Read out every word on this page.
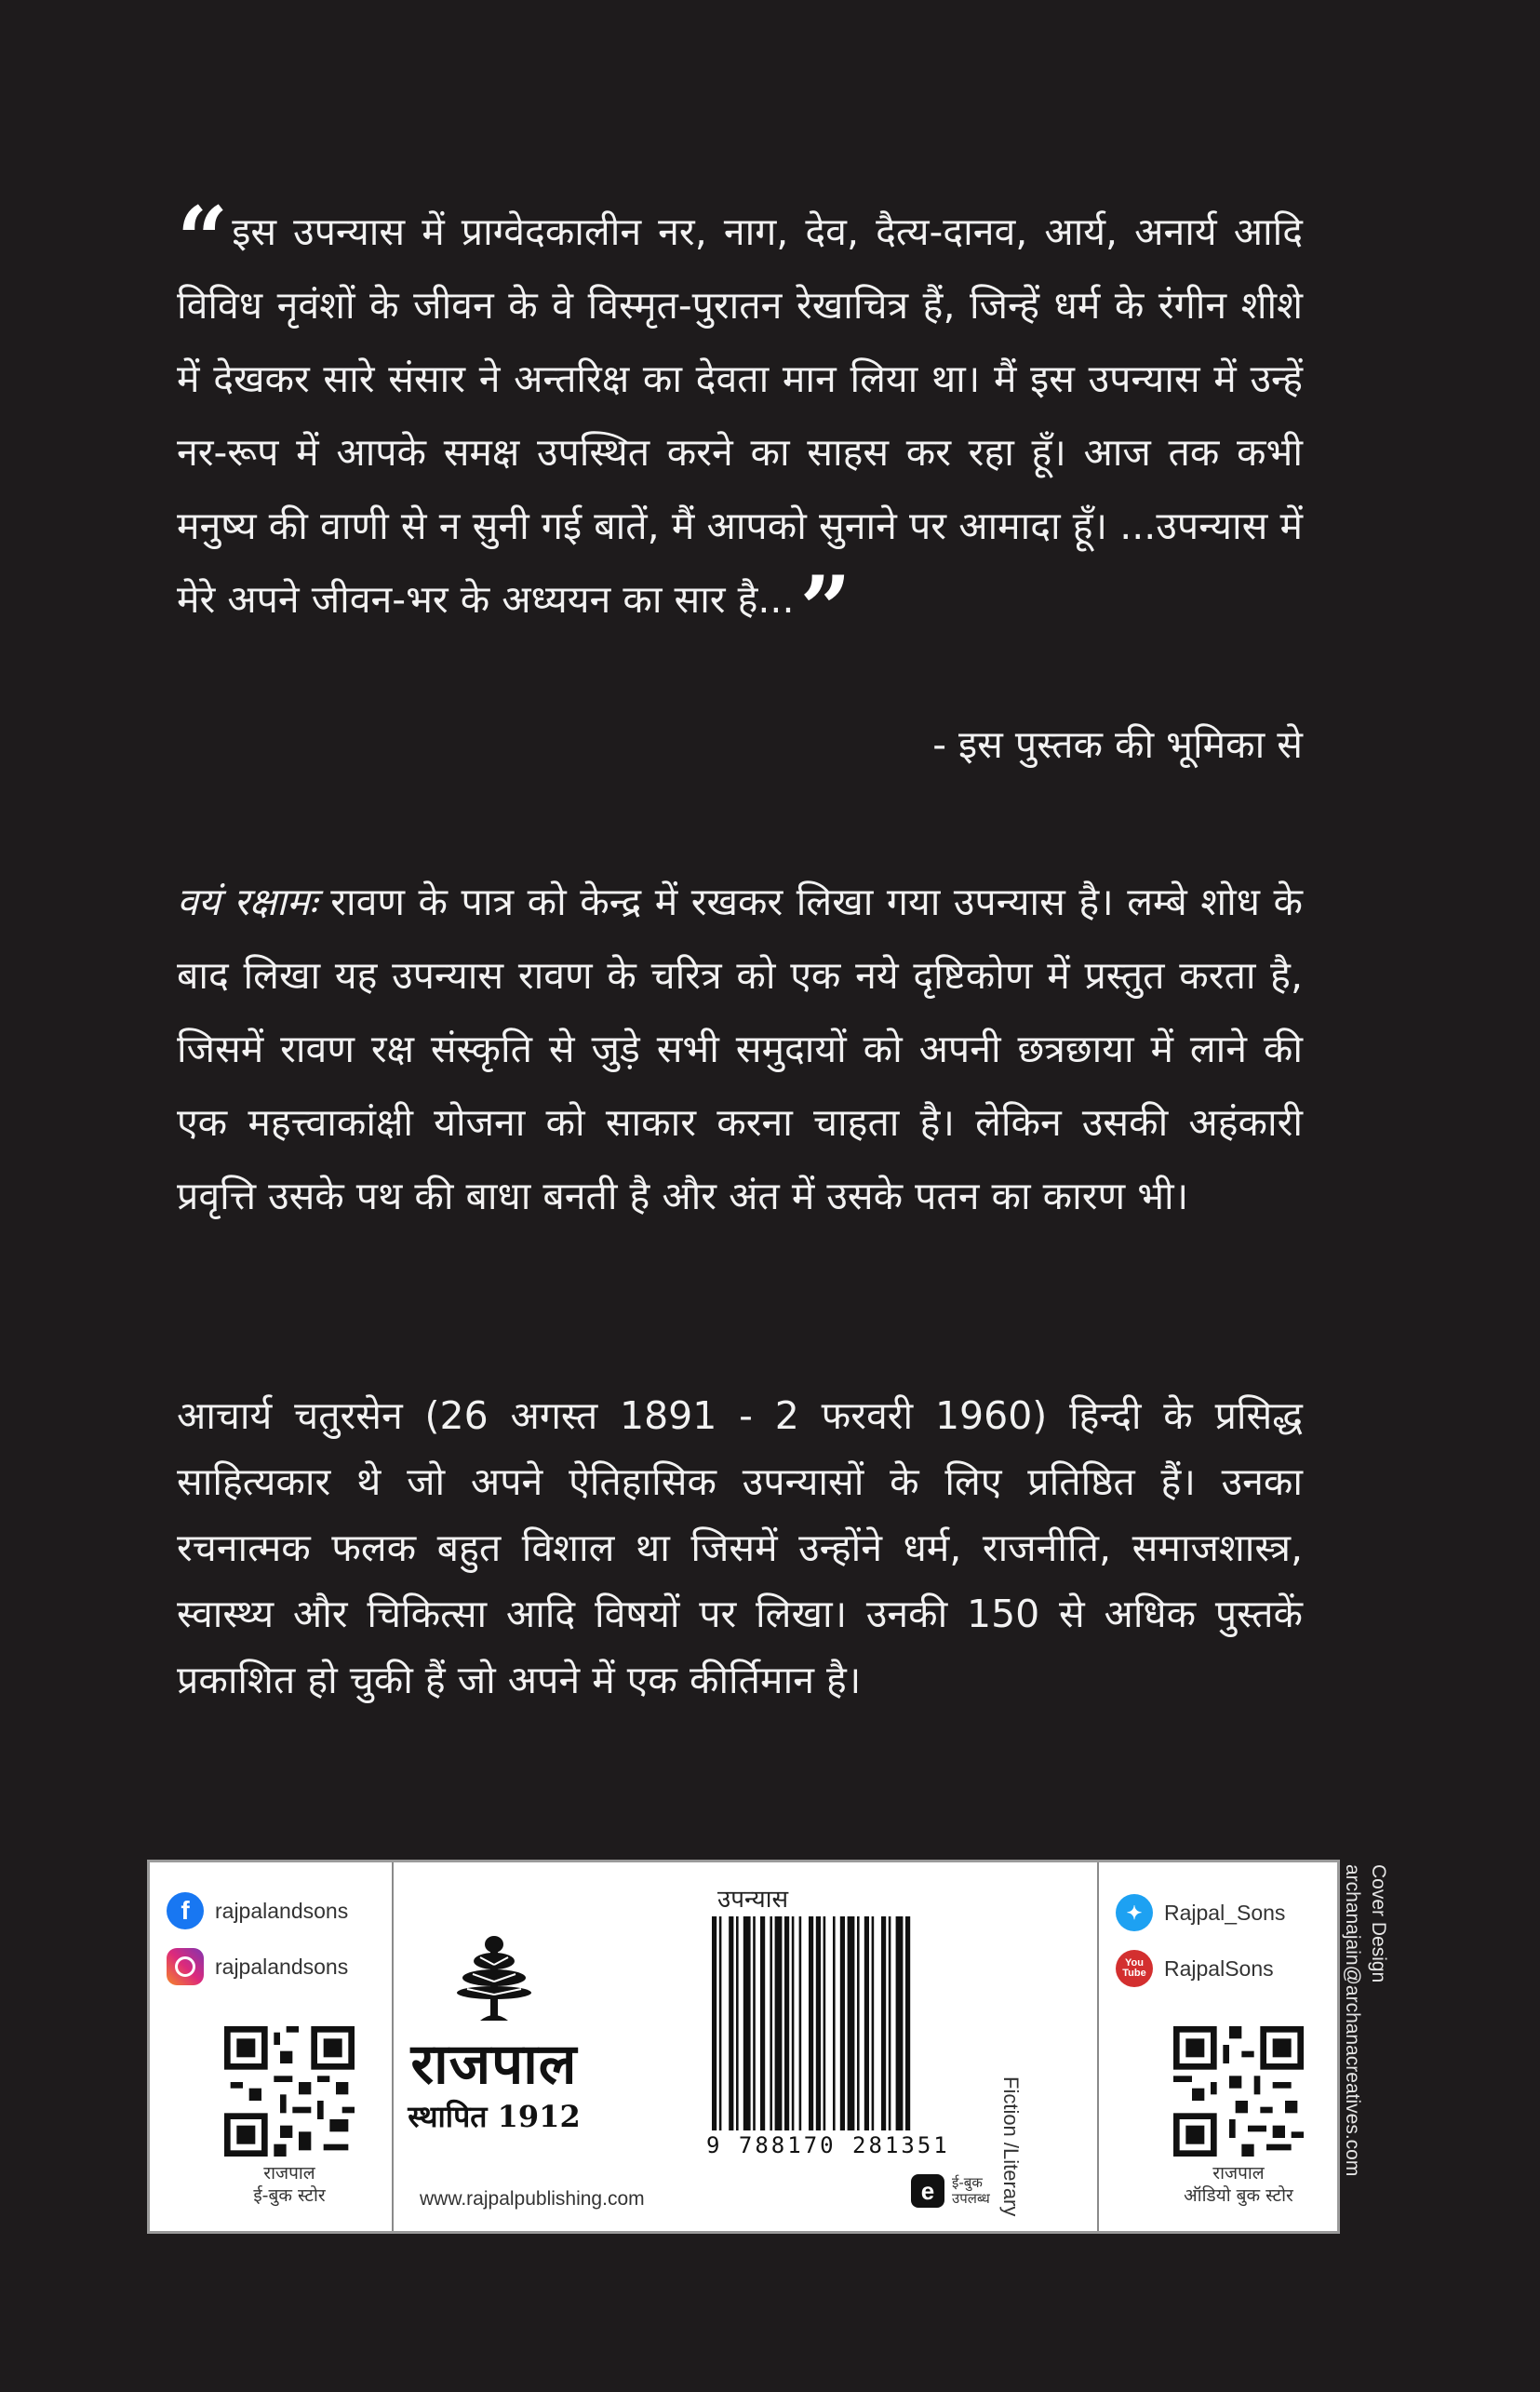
“इस उपन्यास में प्राग्वेदकालीन नर, नाग, देव, दैत्य-दानव, आर्य, अनार्य आदि विविध नृवंशों के जीवन के वे विस्मृत-पुरातन रेखाचित्र हैं, जिन्हें धर्म के रंगीन शीशे में देखकर सारे संसार ने अन्तरिक्ष का देवता मान लिया था। मैं इस उपन्यास में उन्हें नर-रूप में आपके समक्ष उपस्थित करने का साहस कर रहा हूँ। आज तक कभी मनुष्य की वाणी से न सुनी गई बातें, मैं आपको सुनाने पर आमादा हूँ। ...उपन्यास में मेरे अपने जीवन-भर के अध्ययन का सार है...”

- इस पुस्तक की भूमिका से

वयं रक्षामः रावण के पात्र को केन्द्र में रखकर लिखा गया उपन्यास है। लम्बे शोध के बाद लिखा यह उपन्यास रावण के चरित्र को एक नये दृष्टिकोण में प्रस्तुत करता है, जिसमें रावण रक्ष संस्कृति से जुड़े सभी समुदायों को अपनी छत्रछाया में लाने की एक महत्त्वाकांक्षी योजना को साकार करना चाहता है। लेकिन उसकी अहंकारी प्रवृत्ति उसके पथ की बाधा बनती है और अंत में उसके पतन का कारण भी।

आचार्य चतुरसेन (26 अगस्त 1891 - 2 फरवरी 1960) हिन्दी के प्रसिद्ध साहित्यकार थे जो अपने ऐतिहासिक उपन्यासों के लिए प्रतिष्ठित हैं। उनका रचनात्मक फलक बहुत विशाल था जिसमें उन्होंने धर्म, राजनीति, समाजशास्त्र, स्वास्थ्य और चिकित्सा आदि विषयों पर लिखा। उनकी 150 से अधिक पुस्तकें प्रकाशित हो चुकी हैं जो अपने में एक कीर्तिमान है।

f	rajpalandsons
rajpalandsons
राजपाल
ई-बुक स्टोर
राजपाल
स्थापित 1912
www.rajpalpublishing.com
उपन्यास
9 788170 281351	Fiction /Literary
e	ई-बुक
उपलब्ध
✦	Rajpal_Sons
You Tube RajpalSons
राजपाल
ऑडियो बुक स्टोर
Cover Design
archanajain@archanacreatives.com
